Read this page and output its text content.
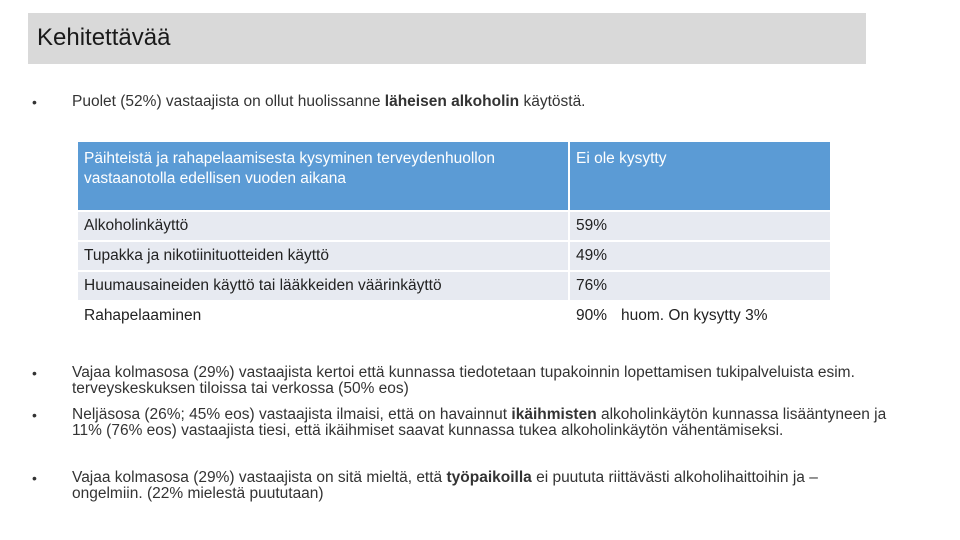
Kehitettävää
• Puolet (52%) vastaajista on ollut huolissanne läheisen alkoholin käytöstä.
Päihteistä ja rahapelaamisesta kysyminen terveydenhuollon vastaanotolla edellisen vuoden aikana	Ei ole kysytty
Alkoholinkäyttö	59%
Tupakka ja nikotiinituotteiden käyttö	49%
Huumausaineiden käyttö tai lääkkeiden väärinkäyttö	76%
Rahapelaaminen	90% huom. On kysytty 3%
• Vajaa kolmasosa (29%) vastaajista kertoi että kunnassa tiedotetaan tupakoinnin lopettamisen tukipalveluista esim. terveyskeskuksen tiloissa tai verkossa (50% eos)
• Neljäsosa (26%; 45% eos) vastaajista ilmaisi, että on havainnut ikäihmisten alkoholinkäytön kunnassa lisääntyneen ja 11% (76% eos) vastaajista tiesi, että ikäihmiset saavat kunnassa tukea alkoholinkäytön vähentämiseksi.
• Vajaa kolmasosa (29%) vastaajista on sitä mieltä, että työpaikoilla ei puututa riittävästi alkoholihaittoihin ja –ongelmiin. (22% mielestä puututaan)
